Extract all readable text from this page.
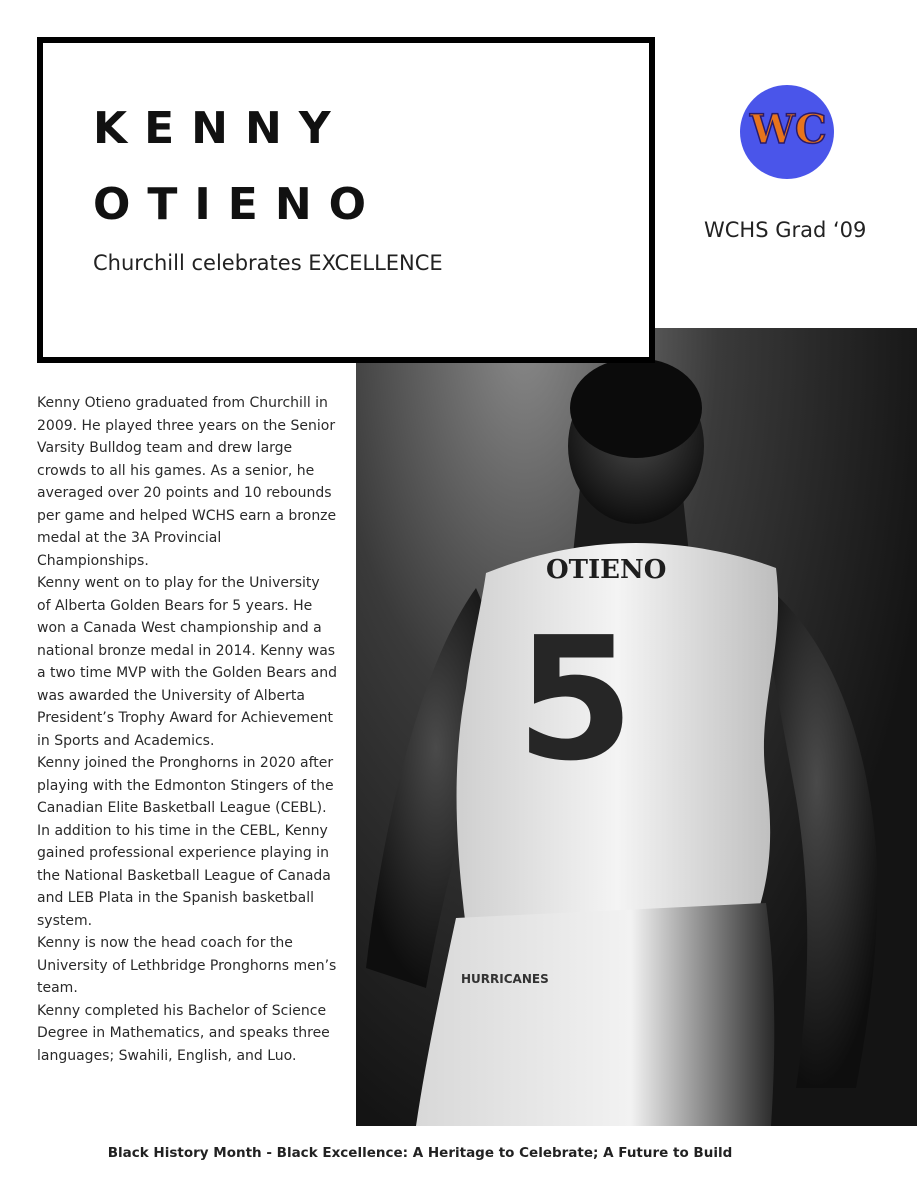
OTIENO
5
HURRICANES
KENNY
OTIENO

Churchill celebrates EXCELLENCE

WC

WCHS Grad ‘09

Kenny Otieno graduated from Churchill in 2009. He played three years on the Senior Varsity Bulldog team and drew large crowds to all his games. As a senior, he averaged over 20 points and 10 rebounds per game and helped WCHS earn a bronze medal at the 3A Provincial Championships.

Kenny went on to play for the University of Alberta Golden Bears for 5 years. He won a Canada West championship and a national bronze medal in 2014. Kenny was a two time MVP with the Golden Bears and was awarded the University of Alberta President’s Trophy Award for Achievement in Sports and Academics.

Kenny joined the Pronghorns in 2020 after playing with the Edmonton Stingers of the Canadian Elite Basketball League (CEBL). In addition to his time in the CEBL, Kenny gained professional experience playing in the National Basketball League of Canada and LEB Plata in the Spanish basketball system.

Kenny is now the head coach for the University of Lethbridge Pronghorns men’s team.

Kenny completed his Bachelor of Science Degree in Mathematics, and speaks three languages; Swahili, English, and Luo.

Black History Month - Black Excellence: A Heritage to Celebrate; A Future to Build
